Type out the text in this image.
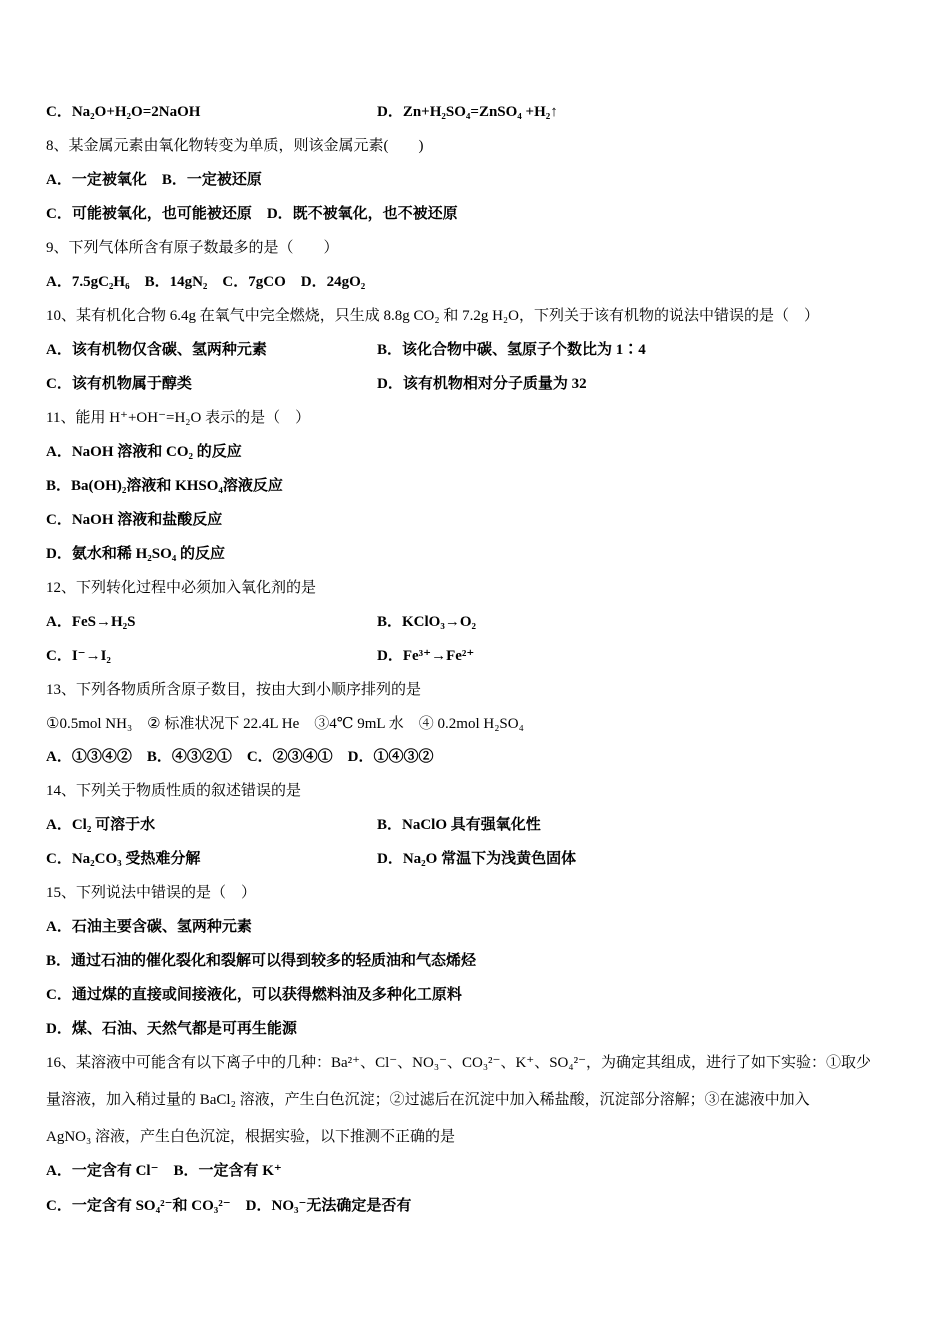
C．Na₂O+H₂O=2NaOH	D．Zn+H₂SO₄=ZnSO₄ +H₂↑
8、某金属元素由氧化物转变为单质，则该金属元素(　　)
A．一定被氧化　B．一定被还原
C．可能被氧化，也可能被还原　D．既不被氧化，也不被还原
9、下列气体所含有原子数最多的是（　　）
A．7.5gC₂H₆　B．14gN₂　C．7gCO　D．24gO₂
10、某有机化合物 6.4g 在氧气中完全燃烧，只生成 8.8g CO₂ 和 7.2g H₂O，下列关于该有机物的说法中错误的是（　）
A．该有机物仅含碳、氢两种元素	B．该化合物中碳、氢原子个数比为 1∶4
C．该有机物属于醇类	D．该有机物相对分子质量为 32
11、能用 H⁺+OH⁻=H₂O 表示的是（　）
A．NaOH 溶液和 CO₂ 的反应
B．Ba(OH)₂溶液和 KHSO₄溶液反应
C．NaOH 溶液和盐酸反应
D．氨水和稀 H₂SO₄ 的反应
12、下列转化过程中必须加入氧化剂的是
A．FeS→H₂S	B．KClO₃→O₂
C．I⁻→I₂	D．Fe³⁺→Fe²⁺
13、下列各物质所含原子数目，按由大到小顺序排列的是
①0.5mol NH₃　② 标准状况下 22.4L He　③4℃ 9mL 水　④ 0.2mol H₂SO₄
A．①③④②　B．④③②①　C．②③④①　D．①④③②
14、下列关于物质性质的叙述错误的是
A．Cl₂ 可溶于水	B．NaClO 具有强氧化性
C．Na₂CO₃ 受热难分解	D．Na₂O 常温下为浅黄色固体
15、下列说法中错误的是（　）
A．石油主要含碳、氢两种元素
B．通过石油的催化裂化和裂解可以得到较多的轻质油和气态烯烃
C．通过煤的直接或间接液化，可以获得燃料油及多种化工原料
D．煤、石油、天然气都是可再生能源
16、某溶液中可能含有以下离子中的几种：Ba²⁺、Cl⁻、NO₃⁻、CO₃²⁻、K⁺、SO₄²⁻，为确定其组成，进行了如下实验：①取少
量溶液，加入稍过量的 BaCl₂ 溶液，产生白色沉淀；②过滤后在沉淀中加入稀盐酸，沉淀部分溶解；③在滤液中加入
AgNO₃ 溶液，产生白色沉淀，根据实验，以下推测不正确的是
A．一定含有 Cl⁻　B．一定含有 K⁺
C．一定含有 SO₄²⁻和 CO₃²⁻　D．NO₃⁻无法确定是否有
